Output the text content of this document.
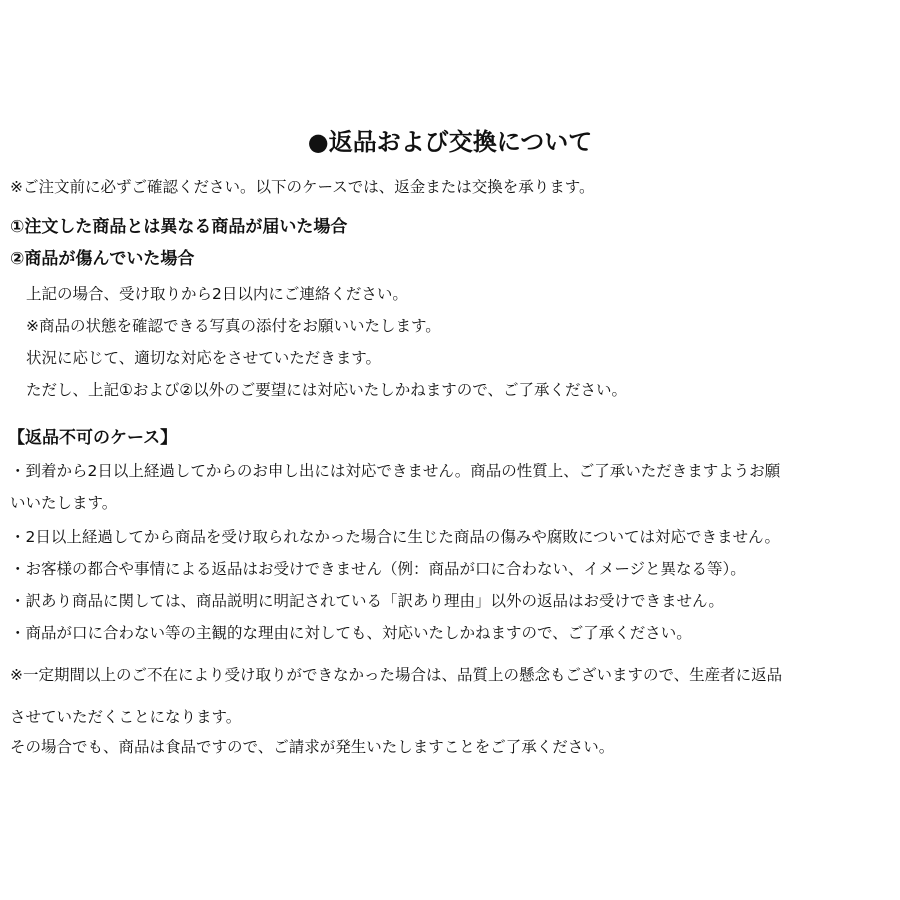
●返品および交換について
※ご注文前に必ずご確認ください。以下のケースでは、返金または交換を承ります。
①注文した商品とは異なる商品が届いた場合
②商品が傷んでいた場合
上記の場合、受け取りから2日以内にご連絡ください。
※商品の状態を確認できる写真の添付をお願いいたします。
状況に応じて、適切な対応をさせていただきます。
ただし、上記①および②以外のご要望には対応いたしかねますので、ご了承ください。
【返品不可のケース】
・到着から2日以上経過してからのお申し出には対応できません。商品の性質上、ご了承いただきますようお願
いいたします。
・2日以上経過してから商品を受け取られなかった場合に生じた商品の傷みや腐敗については対応できません。
・お客様の都合や事情による返品はお受けできません（例：商品が口に合わない、イメージと異なる等）。
・訳あり商品に関しては、商品説明に明記されている「訳あり理由」以外の返品はお受けできません。
・商品が口に合わない等の主観的な理由に対しても、対応いたしかねますので、ご了承ください。
※一定期間以上のご不在により受け取りができなかった場合は、品質上の懸念もございますので、生産者に返品
させていただくことになります。
その場合でも、商品は食品ですので、ご請求が発生いたしますことをご了承ください。
